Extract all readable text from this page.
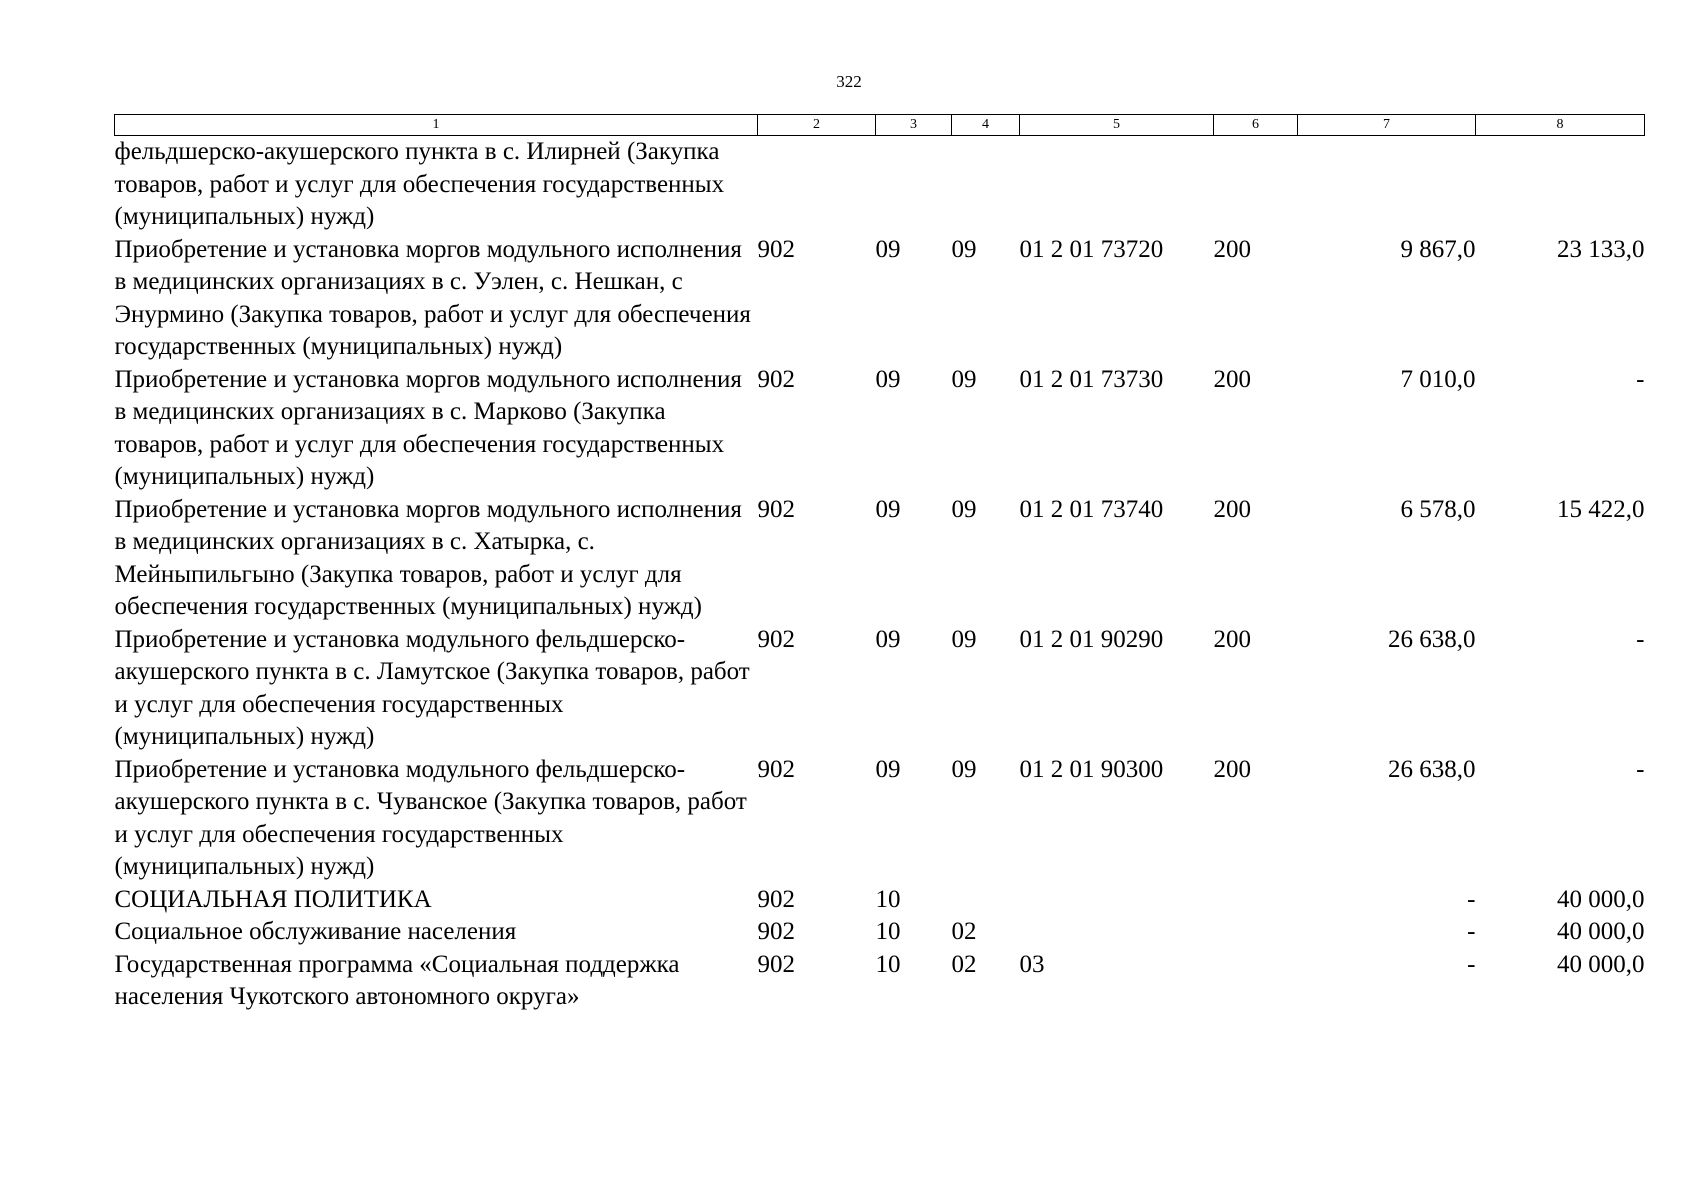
322
1	2	3	4	5	6	7	8
фельдшерско-акушерского пункта в с. Илирней (Закупка товаров, работ и услуг для обеспечения государственных (муниципальных) нужд)							
Приобретение и установка моргов модульного исполнения в медицинских организациях в с. Уэлен, с. Нешкан, с Энурмино (Закупка товаров, работ и услуг для обеспечения государственных (муниципальных) нужд)	902	09	09	01 2 01 73720	200	9 867,0	23 133,0
Приобретение и установка моргов модульного исполнения в медицинских организациях в с. Марково (Закупка товаров, работ и услуг для обеспечения государственных (муниципальных) нужд)	902	09	09	01 2 01 73730	200	7 010,0	-
Приобретение и установка моргов модульного исполнения в медицинских организациях в с. Хатырка, с. Мейныпильгыно (Закупка товаров, работ и услуг для обеспечения государственных (муниципальных) нужд)	902	09	09	01 2 01 73740	200	6 578,0	15 422,0
Приобретение и установка модульного фельдшерско-акушерского пункта в с. Ламутское (Закупка товаров, работ и услуг для обеспечения государственных (муниципальных) нужд)	902	09	09	01 2 01 90290	200	26 638,0	-
Приобретение и установка модульного фельдшерско-акушерского пункта в с. Чуванское (Закупка товаров, работ и услуг для обеспечения государственных (муниципальных) нужд)	902	09	09	01 2 01 90300	200	26 638,0	-
СОЦИАЛЬНАЯ ПОЛИТИКА	902	10				-	40 000,0
Социальное обслуживание населения	902	10	02			-	40 000,0
Государственная программа «Социальная поддержка населения Чукотского автономного округа»	902	10	02	03		-	40 000,0
